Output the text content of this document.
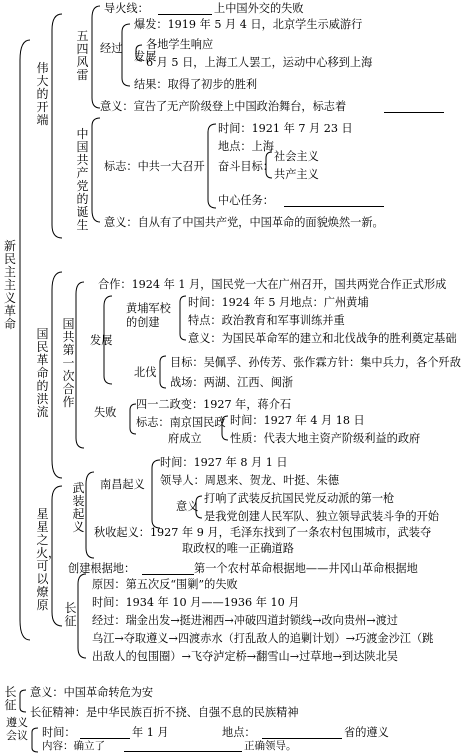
新民主主义革命
伟大的开端
五四风雷
中国共产党的诞生
国民革命的洪流
国共第一次合作
星星之火，可以燎原
武装起义
长征
长征
遵义会议
导火线：	上中国外交的失败
爆发：1919 年 5 月 4 日，北京学生示威游行
经过
发展
各地学生响应
6 月 5 日，上海工人罢工，运动中心移到上海
结果：取得了初步的胜利
意义：宣告了无产阶级登上中国政治舞台，标志着
标志：中共一大召开
时间：1921 年 7 月 23 日
地点：上海
奋斗目标：
社会主义
共产主义
中心任务：
意义：自从有了中国共产党，中国革命的面貌焕然一新。
合作：1924 年 1 月，国民党一大在广州召开，国共两党合作正式形成
黄埔军校
的创建
时间：1924 年 5 月地点：广州黄埔
特点：政治教育和军事训练并重
意义：为国民革命军的建立和北伐战争的胜利奠定基础
发展
北伐
目标：吴佩孚、孙传芳、张作霖方针：集中兵力，各个歼敌
战场：两湖、江西、闽浙
失败
四一二政变：1927 年，蒋介石
标志：南京国民政
府成立
时间：1927 年 4 月 18 日
性质：代表大地主资产阶级利益的政府
南昌起义
时间：1927 年 8 月 1 日
领导人：周恩来、贺龙、叶挺、朱德
意义
打响了武装反抗国民党反动派的第一枪
是我党创建人民军队、独立领导武装斗争的开始
秋收起义：1927 年 9 月，毛泽东找到了一条农村包围城市，武装夺
取政权的唯一正确道路
创建根据地：	第一个农村革命根据地——井冈山革命根据地
原因：第五次反“围剿”的失败
时间：1934 年 10 月——1936 年 10 月
经过：瑞金出发→挺进湘西→冲破四道封锁线→改向贵州→渡过
乌江→夺取遵义→四渡赤水（打乱敌人的追剿计划）→巧渡金沙江（跳
出敌人的包围圈）→飞夺泸定桥→翻雪山→过草地→到达陕北吴
意义：中国革命转危为安
长征精神：是中华民族百折不挠、自强不息的民族精神
时间：	年 1 月	地点：	省的遵义
内容：确立了	正确领导。
